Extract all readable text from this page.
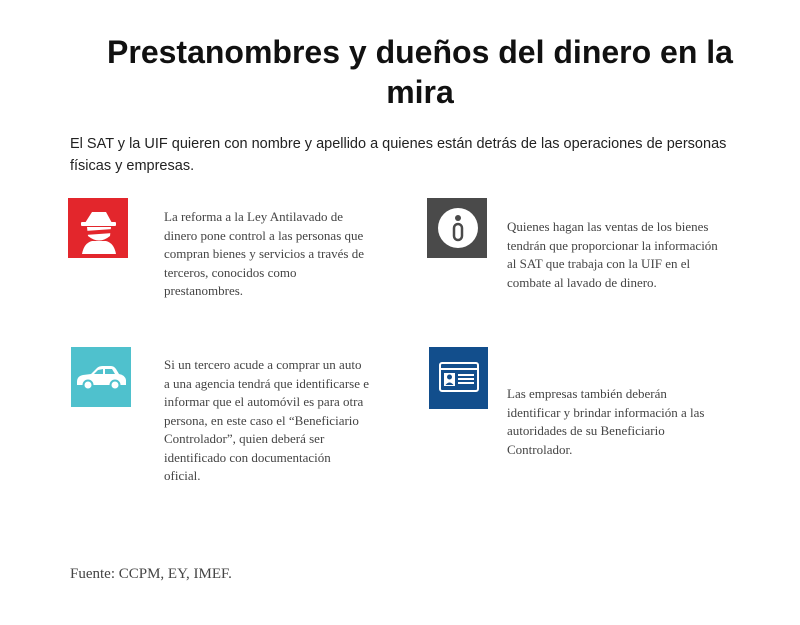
Prestanombres y dueños del dinero en la mira

El SAT y la UIF quieren con nombre y apellido a quienes están detrás de las operaciones de personas físicas y empresas.

La reforma a la Ley Antilavado de dinero pone control a las personas que compran bienes y servicios a través de terceros, conocidos como prestanombres.

Quienes hagan las ventas de los bienes tendrán que proporcionar la información al SAT que trabaja con la UIF en el combate al lavado de dinero.

Si un tercero acude a comprar un auto a una agencia tendrá que identificarse e informar que el automóvil es para otra persona, en este caso el “Beneficiario Controlador”, quien deberá ser identificado con documentación oficial.

Las empresas también deberán identificar y brindar información a las autoridades de su Beneficiario Controlador.

Fuente: CCPM, EY, IMEF.
